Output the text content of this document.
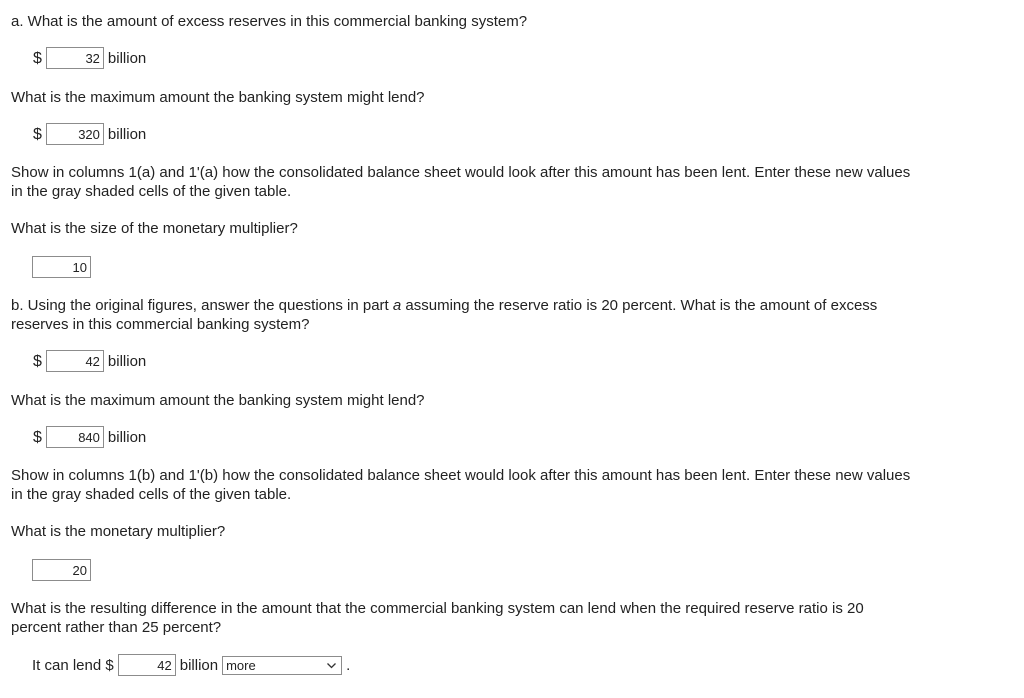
a. What is the amount of excess reserves in this commercial banking system?
$	32 billion
What is the maximum amount the banking system might lend?
$	320 billion
Show in columns 1(a) and 1'(a) how the consolidated balance sheet would look after this amount has been lent. Enter these new values
in the gray shaded cells of the given table.
What is the size of the monetary multiplier?
10
b. Using the original figures, answer the questions in part a assuming the reserve ratio is 20 percent. What is the amount of excess
reserves in this commercial banking system?
$	42 billion
What is the maximum amount the banking system might lend?
$	840 billion
Show in columns 1(b) and 1'(b) how the consolidated balance sheet would look after this amount has been lent. Enter these new values
in the gray shaded cells of the given table.
What is the monetary multiplier?
20
What is the resulting difference in the amount that the commercial banking system can lend when the required reserve ratio is 20
percent rather than 25 percent?
It can lend $	42 billion more	.
